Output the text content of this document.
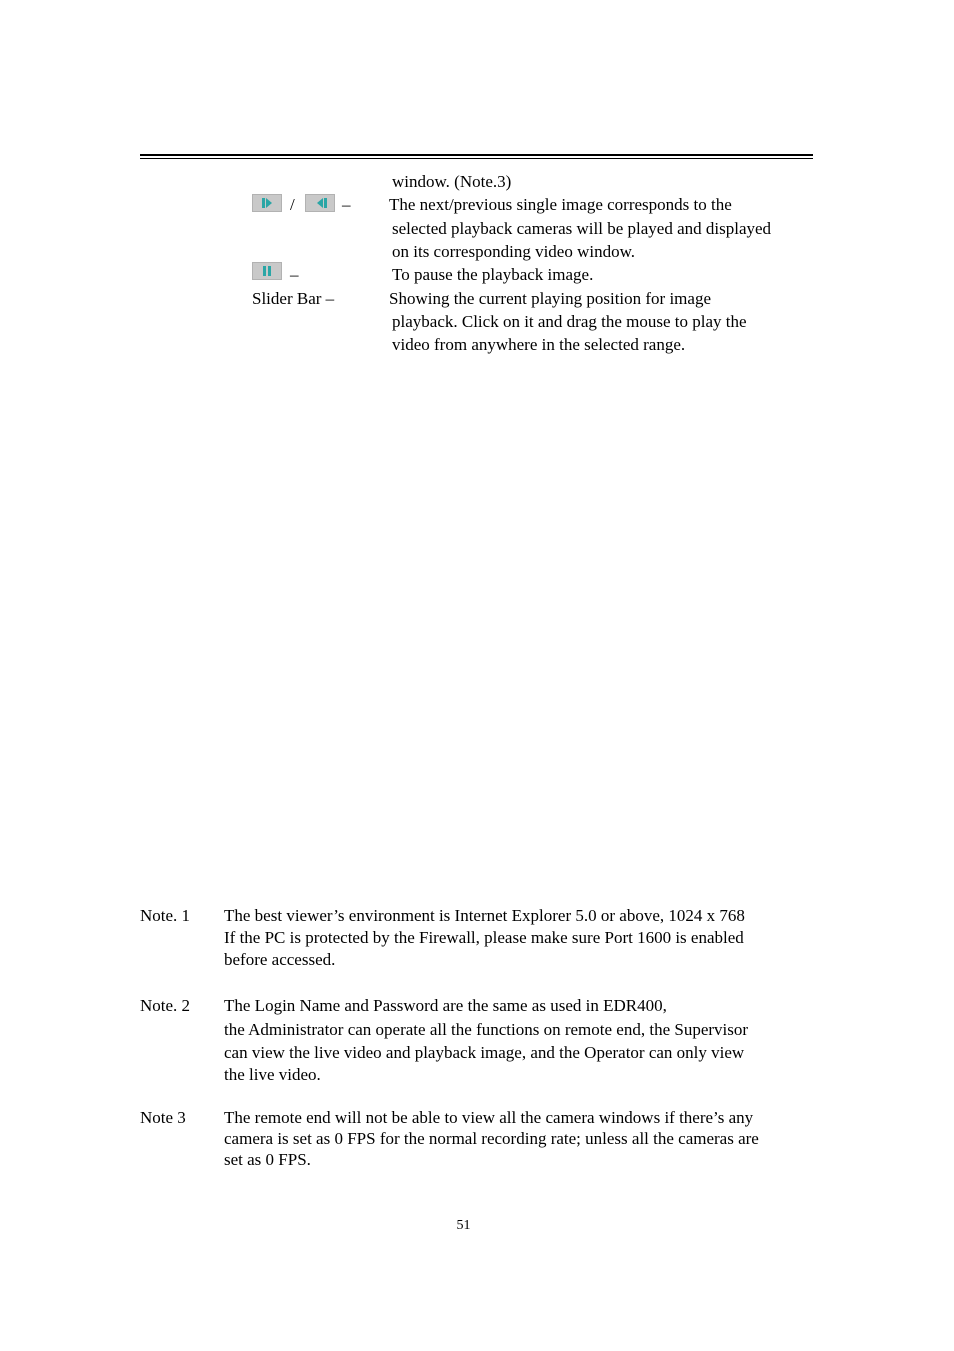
window. (Note.3)
/	– The next/previous single image corresponds to the
selected playback cameras will be played and displayed
on its corresponding video window.
–	To pause the playback image.
Slider Bar –	Showing the current playing position for image
playback. Click on it and drag the mouse to play the
video from anywhere in the selected range.
Note. 1 The best viewer’s environment is Internet Explorer 5.0 or above, 1024 x 768
If the PC is protected by the Firewall, please make sure Port 1600 is enabled
before accessed.
Note. 2 The Login Name and Password are the same as used in EDR400,
the Administrator can operate all the functions on remote end, the Supervisor
can view the live video and playback image, and the Operator can only view
the live video.
Note 3 The remote end will not be able to view all the camera windows if there’s any
camera is set as 0 FPS for the normal recording rate; unless all the cameras are
set as 0 FPS.
51
